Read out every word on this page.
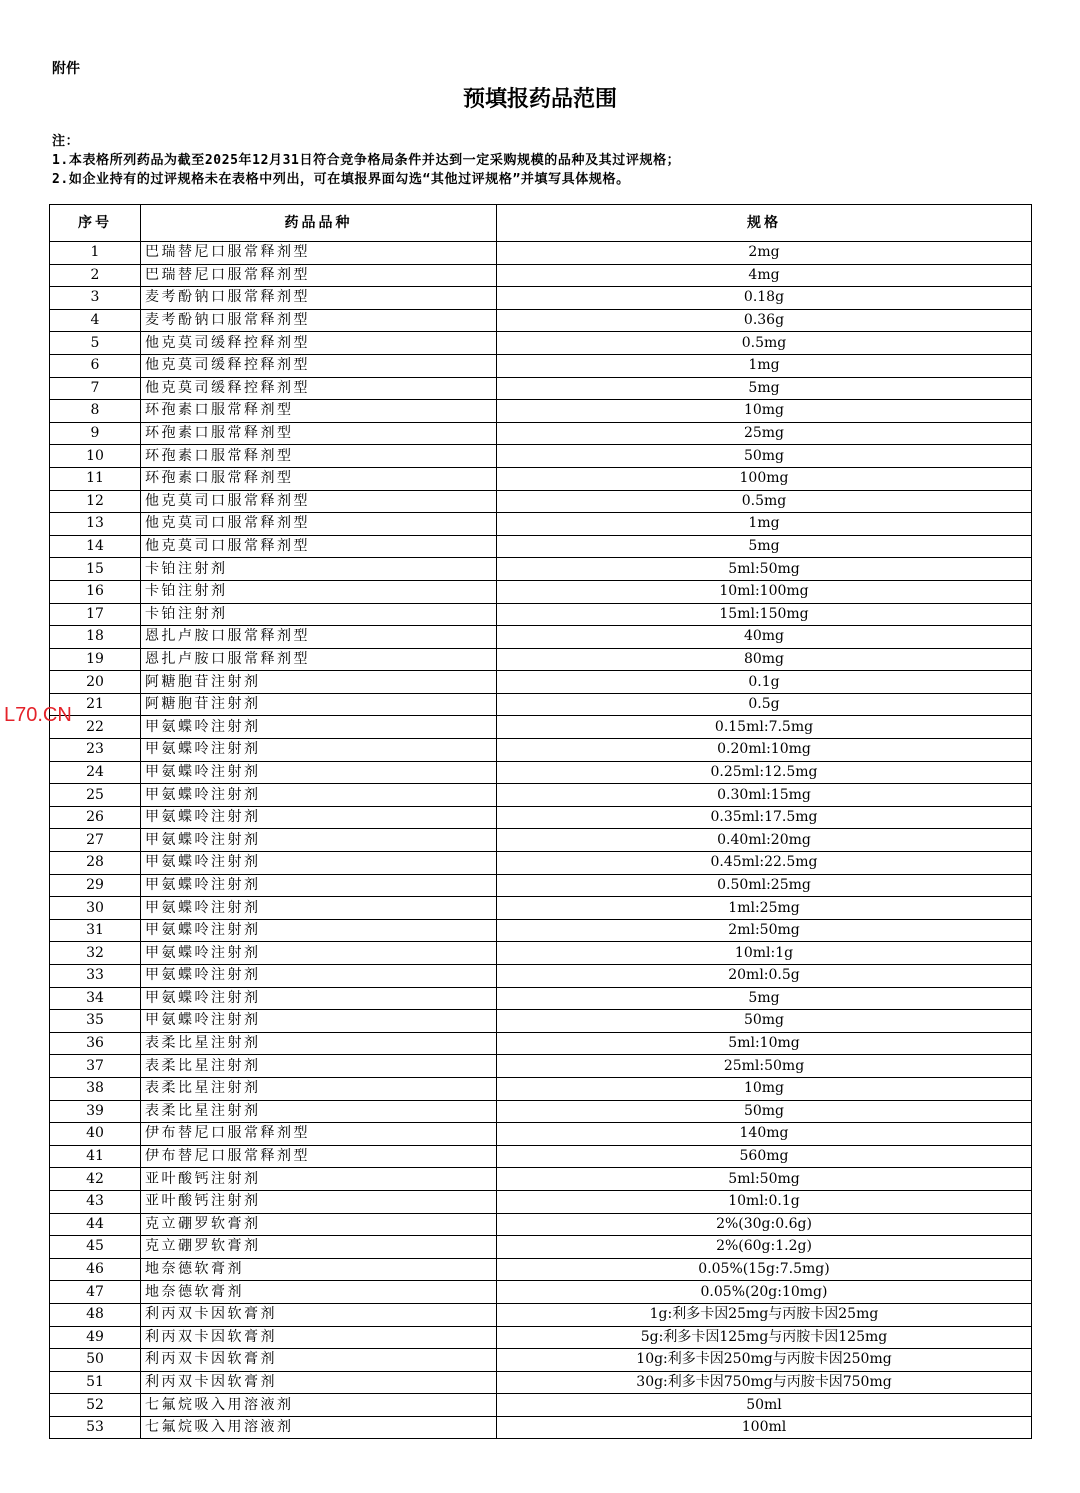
附件
预填报药品范围
注：
1.本表格所列药品为截至2025年12月31日符合竞争格局条件并达到一定采购规模的品种及其过评规格；
2.如企业持有的过评规格未在表格中列出，可在填报界面勾选“其他过评规格”并填写具体规格。
序号	药品品种	规格
1	巴瑞替尼口服常释剂型	2mg
2	巴瑞替尼口服常释剂型	4mg
3	麦考酚钠口服常释剂型	0.18g
4	麦考酚钠口服常释剂型	0.36g
5	他克莫司缓释控释剂型	0.5mg
6	他克莫司缓释控释剂型	1mg
7	他克莫司缓释控释剂型	5mg
8	环孢素口服常释剂型	10mg
9	环孢素口服常释剂型	25mg
10	环孢素口服常释剂型	50mg
11	环孢素口服常释剂型	100mg
12	他克莫司口服常释剂型	0.5mg
13	他克莫司口服常释剂型	1mg
14	他克莫司口服常释剂型	5mg
15	卡铂注射剂	5ml:50mg
16	卡铂注射剂	10ml:100mg
17	卡铂注射剂	15ml:150mg
18	恩扎卢胺口服常释剂型	40mg
19	恩扎卢胺口服常释剂型	80mg
20	阿糖胞苷注射剂	0.1g
21	阿糖胞苷注射剂	0.5g
22	甲氨蝶呤注射剂	0.15ml:7.5mg
23	甲氨蝶呤注射剂	0.20ml:10mg
24	甲氨蝶呤注射剂	0.25ml:12.5mg
25	甲氨蝶呤注射剂	0.30ml:15mg
26	甲氨蝶呤注射剂	0.35ml:17.5mg
27	甲氨蝶呤注射剂	0.40ml:20mg
28	甲氨蝶呤注射剂	0.45ml:22.5mg
29	甲氨蝶呤注射剂	0.50ml:25mg
30	甲氨蝶呤注射剂	1ml:25mg
31	甲氨蝶呤注射剂	2ml:50mg
32	甲氨蝶呤注射剂	10ml:1g
33	甲氨蝶呤注射剂	20ml:0.5g
34	甲氨蝶呤注射剂	5mg
35	甲氨蝶呤注射剂	50mg
36	表柔比星注射剂	5ml:10mg
37	表柔比星注射剂	25ml:50mg
38	表柔比星注射剂	10mg
39	表柔比星注射剂	50mg
40	伊布替尼口服常释剂型	140mg
41	伊布替尼口服常释剂型	560mg
42	亚叶酸钙注射剂	5ml:50mg
43	亚叶酸钙注射剂	10ml:0.1g
44	克立硼罗软膏剂	2%(30g:0.6g)
45	克立硼罗软膏剂	2%(60g:1.2g)
46	地奈德软膏剂	0.05%(15g:7.5mg)
47	地奈德软膏剂	0.05%(20g:10mg)
48	利丙双卡因软膏剂	1g:利多卡因25mg与丙胺卡因25mg
49	利丙双卡因软膏剂	5g:利多卡因125mg与丙胺卡因125mg
50	利丙双卡因软膏剂	10g:利多卡因250mg与丙胺卡因250mg
51	利丙双卡因软膏剂	30g:利多卡因750mg与丙胺卡因750mg
52	七氟烷吸入用溶液剂	50ml
53	七氟烷吸入用溶液剂	100ml
L70.CN
